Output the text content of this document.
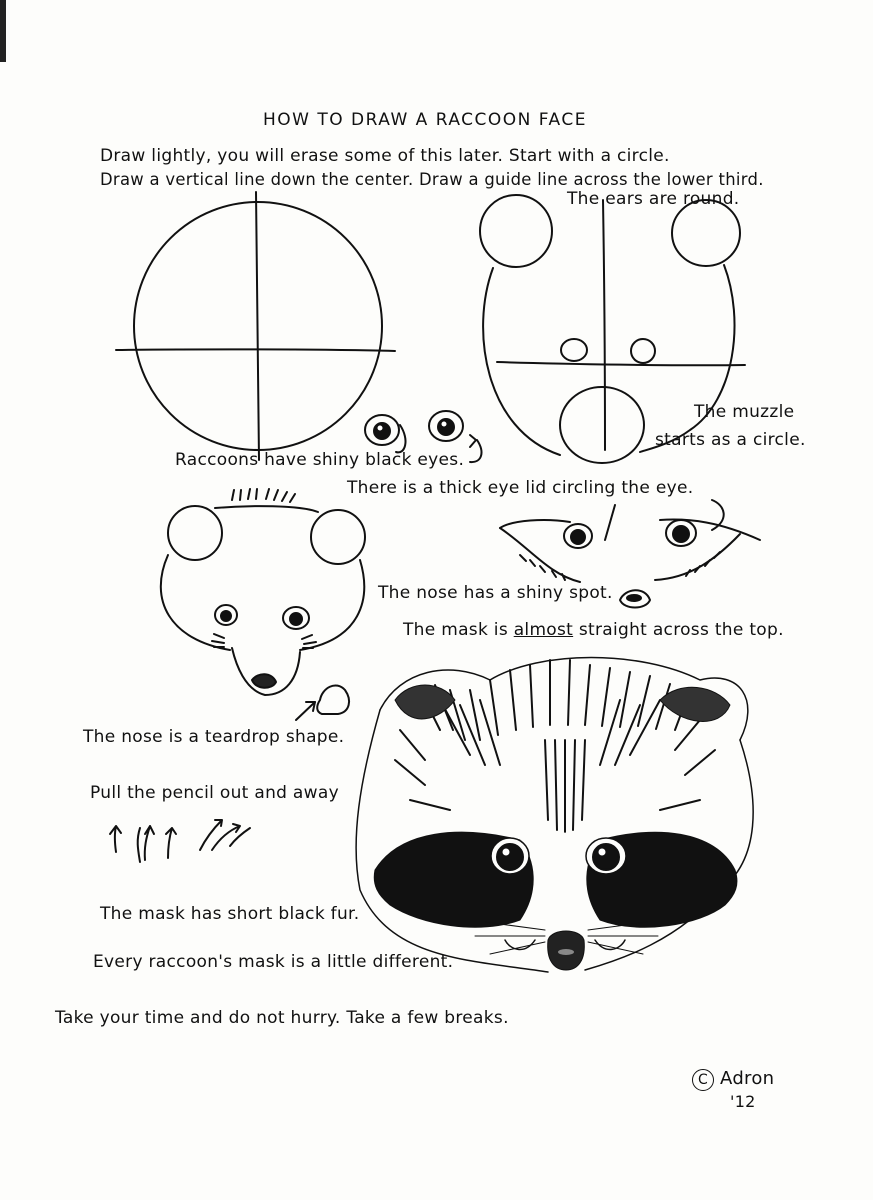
HOW TO DRAW A RACCOON FACE
Draw lightly, you will erase some of this later. Start with a circle.
Draw a vertical line down the center. Draw a guide line across the lower third.
The ears are round.
The muzzle
starts as a circle.
Raccoons have shiny black eyes.
There is a thick eye lid circling the eye.
The nose has a shiny spot.
The mask is almost straight across the top.
The nose is a teardrop shape.
Pull the pencil out and away
The mask has short black fur.
Every raccoon's mask is a little different.
Take your time and do not hurry. Take a few breaks.
C Adron
'12
